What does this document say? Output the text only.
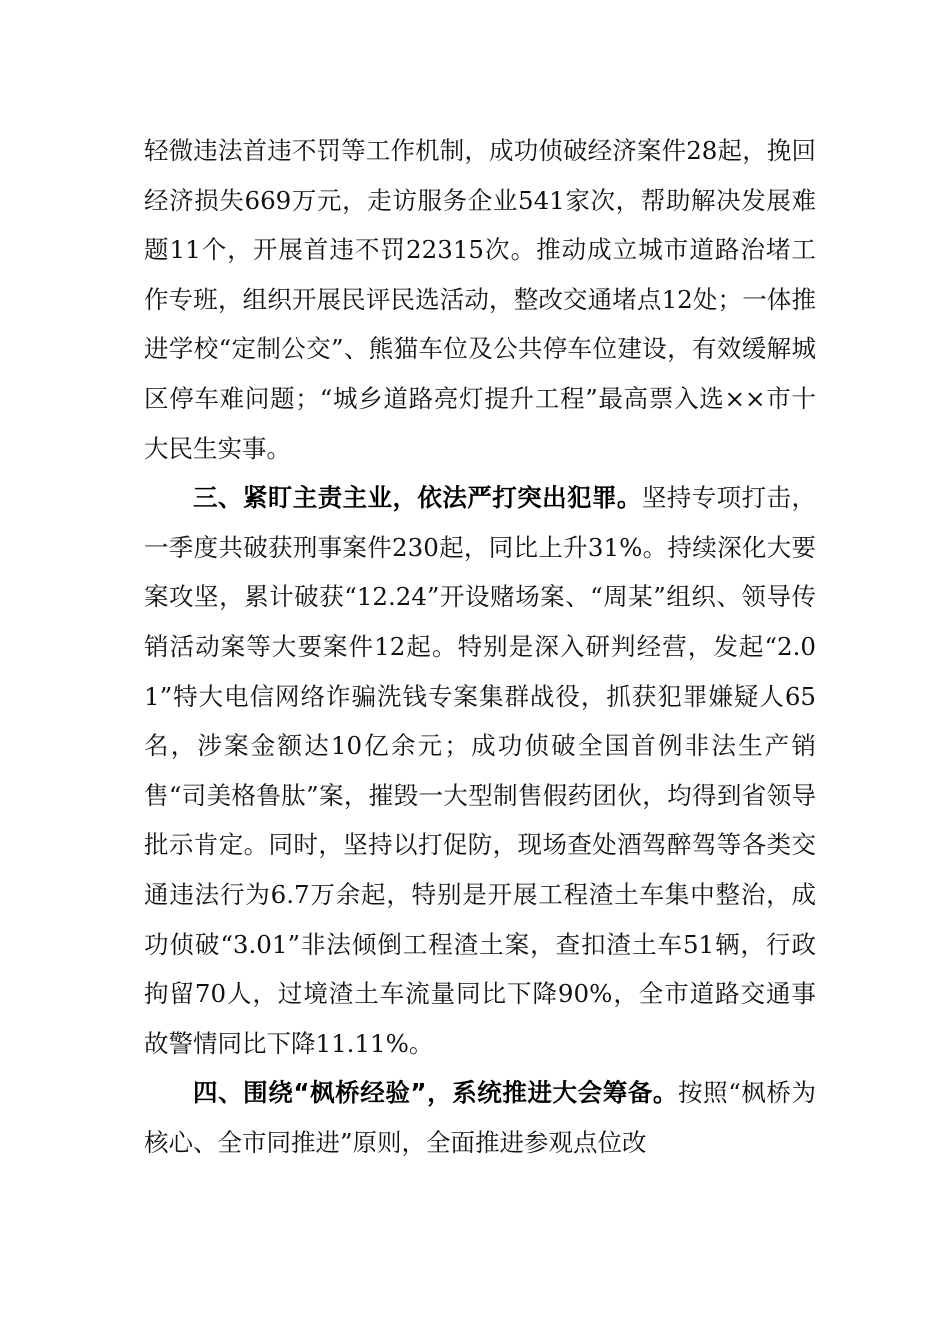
轻微违法首违不罚等工作机制，成功侦破经济案件28起，挽回经济损失669万元，走访服务企业541家次，帮助解决发展难题11个，开展首违不罚22315次。推动成立城市道路治堵工作专班，组织开展民评民选活动，整改交通堵点12处；一体推进学校“定制公交”、熊猫车位及公共停车位建设，有效缓解城区停车难问题；“城乡道路亮灯提升工程”最高票入选××市十大民生实事。

三、紧盯主责主业，依法严打突出犯罪。坚持专项打击，一季度共破获刑事案件230起，同比上升31%。持续深化大要案攻坚，累计破获“12.24”开设赌场案、“周某”组织、领导传销活动案等大要案件12起。特别是深入研判经营，发起“2.01”特大电信网络诈骗洗钱专案集群战役，抓获犯罪嫌疑人65名，涉案金额达10亿余元；成功侦破全国首例非法生产销售“司美格鲁肽”案，摧毁一大型制售假药团伙，均得到省领导批示肯定。同时，坚持以打促防，现场查处酒驾醉驾等各类交通违法行为6.7万余起，特别是开展工程渣土车集中整治，成功侦破“3.01”非法倾倒工程渣土案，查扣渣土车51辆，行政拘留70人，过境渣土车流量同比下降90%，全市道路交通事故警情同比下降11.11%。

四、围绕“枫桥经验”，系统推进大会筹备。按照“枫桥为核心、全市同推进”原则，全面推进参观点位改
